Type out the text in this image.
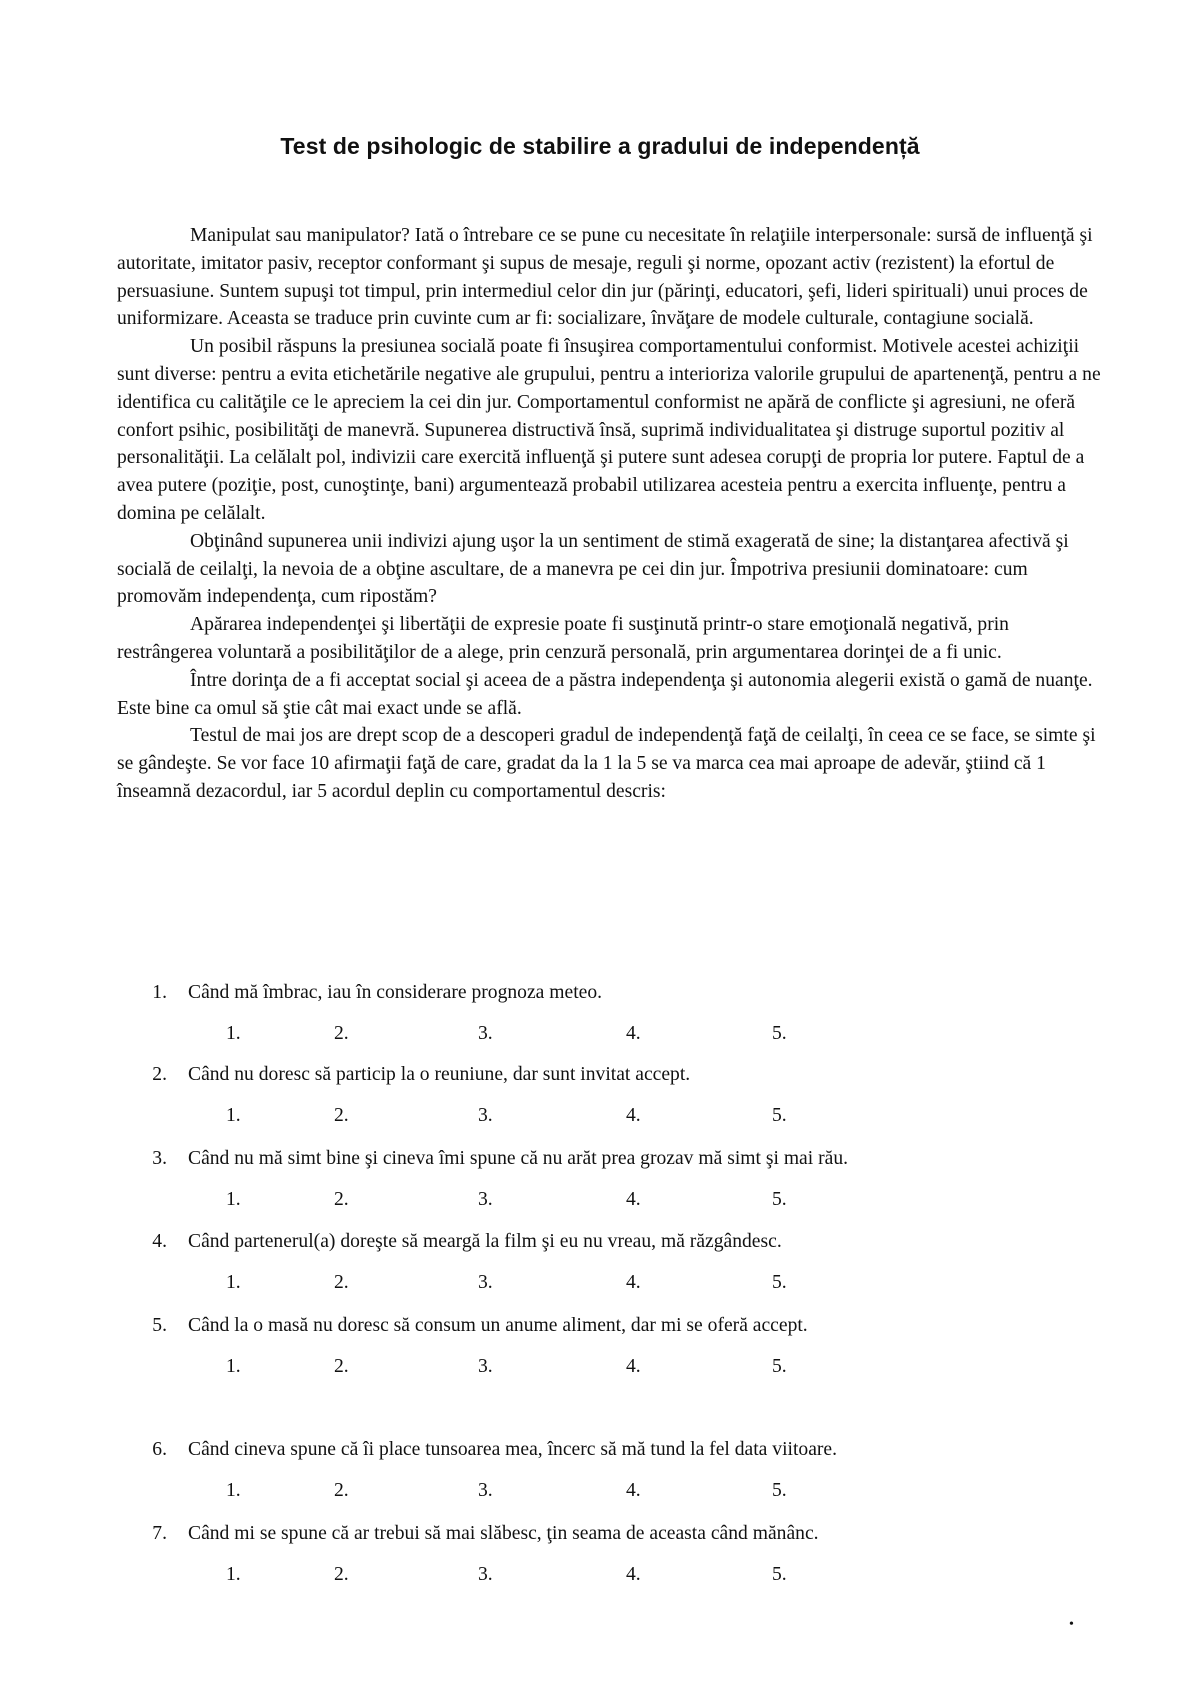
Test de psihologic de stabilire a gradului de independență

Manipulat sau manipulator? Iată o întrebare ce se pune cu necesitate în relaţiile interpersonale: sursă de influenţă şi autoritate, imitator pasiv, receptor conformant şi supus de mesaje, reguli şi norme, opozant activ (rezistent) la efortul de persuasiune. Suntem supuşi tot timpul, prin intermediul celor din jur (părinţi, educatori, şefi, lideri spirituali) unui proces de uniformizare. Aceasta se traduce prin cuvinte cum ar fi: socializare, învăţare de modele culturale, contagiune socială.

Un posibil răspuns la presiunea socială poate fi însuşirea comportamentului conformist. Motivele acestei achiziţii sunt diverse: pentru a evita etichetările negative ale grupului, pentru a interioriza valorile grupului de apartenenţă, pentru a ne identifica cu calităţile ce le apreciem la cei din jur. Comportamentul conformist ne apără de conflicte şi agresiuni, ne oferă confort psihic, posibilităţi de manevră. Supunerea distructivă însă, suprimă individualitatea şi distruge suportul pozitiv al personalităţii. La celălalt pol, indivizii care exercită influenţă şi putere sunt adesea corupţi de propria lor putere. Faptul de a avea putere (poziţie, post, cunoştinţe, bani) argumentează probabil utilizarea acesteia pentru a exercita influenţe, pentru a domina pe celălalt.

Obţinând supunerea unii indivizi ajung uşor la un sentiment de stimă exagerată de sine; la distanţarea afectivă şi socială de ceilalţi, la nevoia de a obţine ascultare, de a manevra pe cei din jur. Împotriva presiunii dominatoare: cum promovăm independenţa, cum ripostăm?

Apărarea independenţei şi libertăţii de expresie poate fi susţinută printr-o stare emoţională negativă, prin restrângerea voluntară a posibilităţilor de a alege, prin cenzură personală, prin argumentarea dorinţei de a fi unic.

Între dorinţa de a fi acceptat social şi aceea de a păstra independenţa şi autonomia alegerii există o gamă de nuanţe. Este bine ca omul să ştie cât mai exact unde se află.

Testul de mai jos are drept scop de a descoperi gradul de independenţă faţă de ceilalţi, în ceea ce se face, se simte şi se gândeşte. Se vor face 10 afirmaţii faţă de care, gradat da la 1 la 5 se va marca cea mai aproape de adevăr, ştiind că 1 înseamnă dezacordul, iar 5 acordul deplin cu comportamentul descris:

1. Când mă îmbrac, iau în considerare prognoza meteo.
1.	2.	3.	4.	5.
2. Când nu doresc să particip la o reuniune, dar sunt invitat accept.
1.	2.	3.	4.	5.
3. Când nu mă simt bine şi cineva îmi spune că nu arăt prea grozav mă simt şi mai rău.
1.	2.	3.	4.	5.
4. Când partenerul(a) doreşte să meargă la film şi eu nu vreau, mă răzgândesc.
1.	2.	3.	4.	5.
5. Când la o masă nu doresc să consum un anume aliment, dar mi se oferă accept.
1.	2.	3.	4.	5.
6. Când cineva spune că îi place tunsoarea mea, încerc să mă tund la fel data viitoare.
1.	2.	3.	4.	5.
7. Când mi se spune că ar trebui să mai slăbesc, ţin seama de aceasta când mănânc.
1.	2.	3.	4.	5.
•
